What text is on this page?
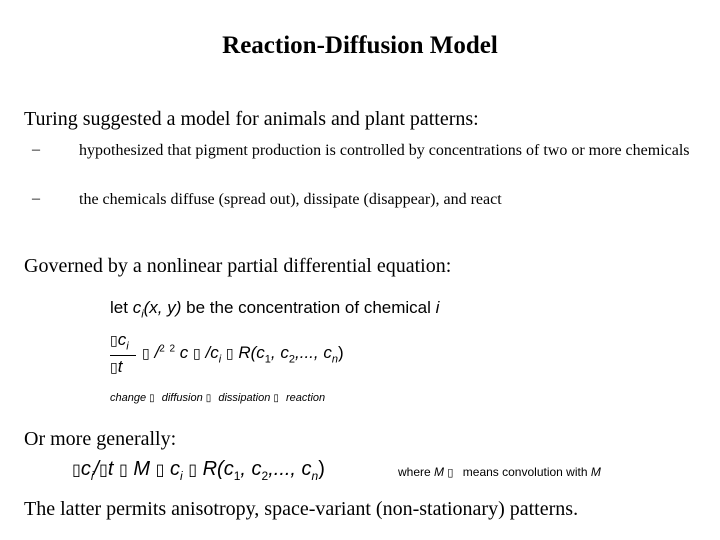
Reaction-Diffusion Model
Turing suggested a model for animals and plant patterns:
– hypothesized that pigment production is controlled by concentrations of two or more chemicals
– the chemicals diffuse (spread out), dissipate (disappear), and react
Governed by a nonlinear partial differential equation:
let $c_i(x$, y) be the concentration of chemical i
$▯c_i$
▯t
▯ /$^2$ $^2$ c ▯ $/c_i$ ▯ $R(c_1$, $c_2$,..., $c_n$)
change ▯ diffusion ▯ dissipation ▯ reaction
Or more generally:
$▯c_i/▯t$ ▯ M ▯ $c_i$ ▯ $R(c_1$, $c_2$,..., $c_n$)	where M ▯ means convolution with M
The latter permits anisotropy, space-variant (non-stationary) patterns.
